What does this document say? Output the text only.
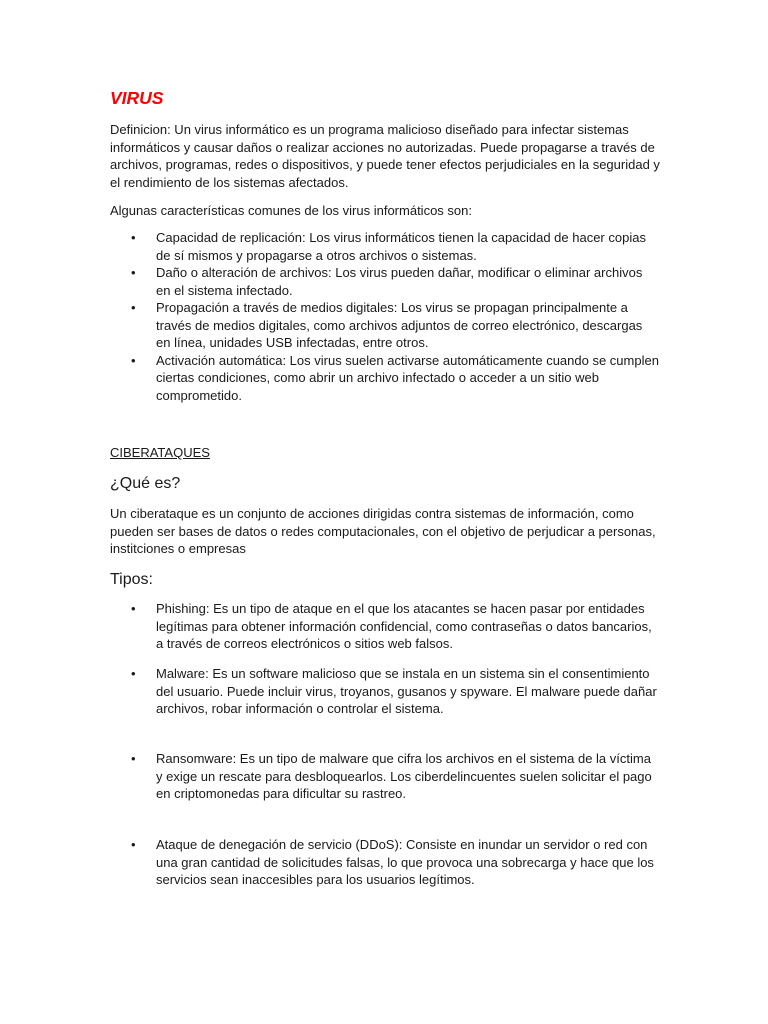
VIRUS

Definicion: Un virus informático es un programa malicioso diseñado para infectar sistemas informáticos y causar daños o realizar acciones no autorizadas. Puede propagarse a través de archivos, programas, redes o dispositivos, y puede tener efectos perjudiciales en la seguridad y el rendimiento de los sistemas afectados.

Algunas características comunes de los virus informáticos son:

• Capacidad de replicación: Los virus informáticos tienen la capacidad de hacer copias de sí mismos y propagarse a otros archivos o sistemas.
• Daño o alteración de archivos: Los virus pueden dañar, modificar o eliminar archivos en el sistema infectado.
• Propagación a través de medios digitales: Los virus se propagan principalmente a través de medios digitales, como archivos adjuntos de correo electrónico, descargas en línea, unidades USB infectadas, entre otros.
• Activación automática: Los virus suelen activarse automáticamente cuando se cumplen ciertas condiciones, como abrir un archivo infectado o acceder a un sitio web comprometido.

CIBERATAQUES

¿Qué es?

Un ciberataque es un conjunto de acciones dirigidas contra sistemas de información, como pueden ser bases de datos o redes computacionales, con el objetivo de perjudicar a personas, institciones o empresas

Tipos:

• Phishing: Es un tipo de ataque en el que los atacantes se hacen pasar por entidades legítimas para obtener información confidencial, como contraseñas o datos bancarios, a través de correos electrónicos o sitios web falsos.
• Malware: Es un software malicioso que se instala en un sistema sin el consentimiento del usuario. Puede incluir virus, troyanos, gusanos y spyware. El malware puede dañar archivos, robar información o controlar el sistema.
• Ransomware: Es un tipo de malware que cifra los archivos en el sistema de la víctima y exige un rescate para desbloquearlos. Los ciberdelincuentes suelen solicitar el pago en criptomonedas para dificultar su rastreo.
• Ataque de denegación de servicio (DDoS): Consiste en inundar un servidor o red con una gran cantidad de solicitudes falsas, lo que provoca una sobrecarga y hace que los servicios sean inaccesibles para los usuarios legítimos.
